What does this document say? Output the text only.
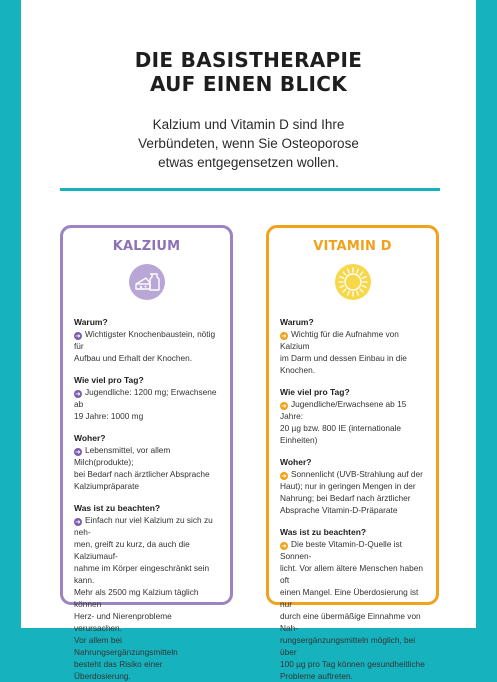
DIE BASISTHERAPIE
AUF EINEN BLICK
Kalzium und Vitamin D sind Ihre
Verbündeten, wenn Sie Osteoporose
etwas entgegensetzen wollen.
KALZIUM
Warum?
➜ Wichtigster Knochenbaustein, nötig für
Aufbau und Erhalt der Knochen.
Wie viel pro Tag?
➜ Jugendliche: 1200 mg; Erwachsene ab
19 Jahre: 1000 mg
Woher?
➜ Lebensmittel, vor allem Milch(produkte);
bei Bedarf nach ärztlicher Absprache
Kalziumpräparate
Was ist zu beachten?
➜ Einfach nur viel Kalzium zu sich zu neh-
men, greift zu kurz, da auch die Kalziumauf-
nahme im Körper eingeschränkt sein kann.
Mehr als 2500 mg Kalzium täglich können
Herz- und Nierenprobleme verursachen.
Vor allem bei Nahrungsergänzungsmitteln
besteht das Risiko einer Überdosierung.
VITAMIN D
Warum?
➜ Wichtig für die Aufnahme von Kalzium
im Darm und dessen Einbau in die Knochen.
Wie viel pro Tag?
➜ Jugendliche/Erwachsene ab 15 Jahre:
20 µg bzw. 800 IE (internationale Einheiten)
Woher?
➜ Sonnenlicht (UVB-Strahlung auf der
Haut); nur in geringen Mengen in der
Nahrung; bei Bedarf nach ärztlicher
Absprache Vitamin-D-Präparate
Was ist zu beachten?
➜ Die beste Vitamin-D-Quelle ist Sonnen-
licht. Vor allem ältere Menschen haben oft
einen Mangel. Eine Überdosierung ist nur
durch eine übermäßige Einnahme von Nah-
rungsergänzungsmitteln möglich, bei über
100 µg pro Tag können gesundheitliche
Probleme auftreten.
